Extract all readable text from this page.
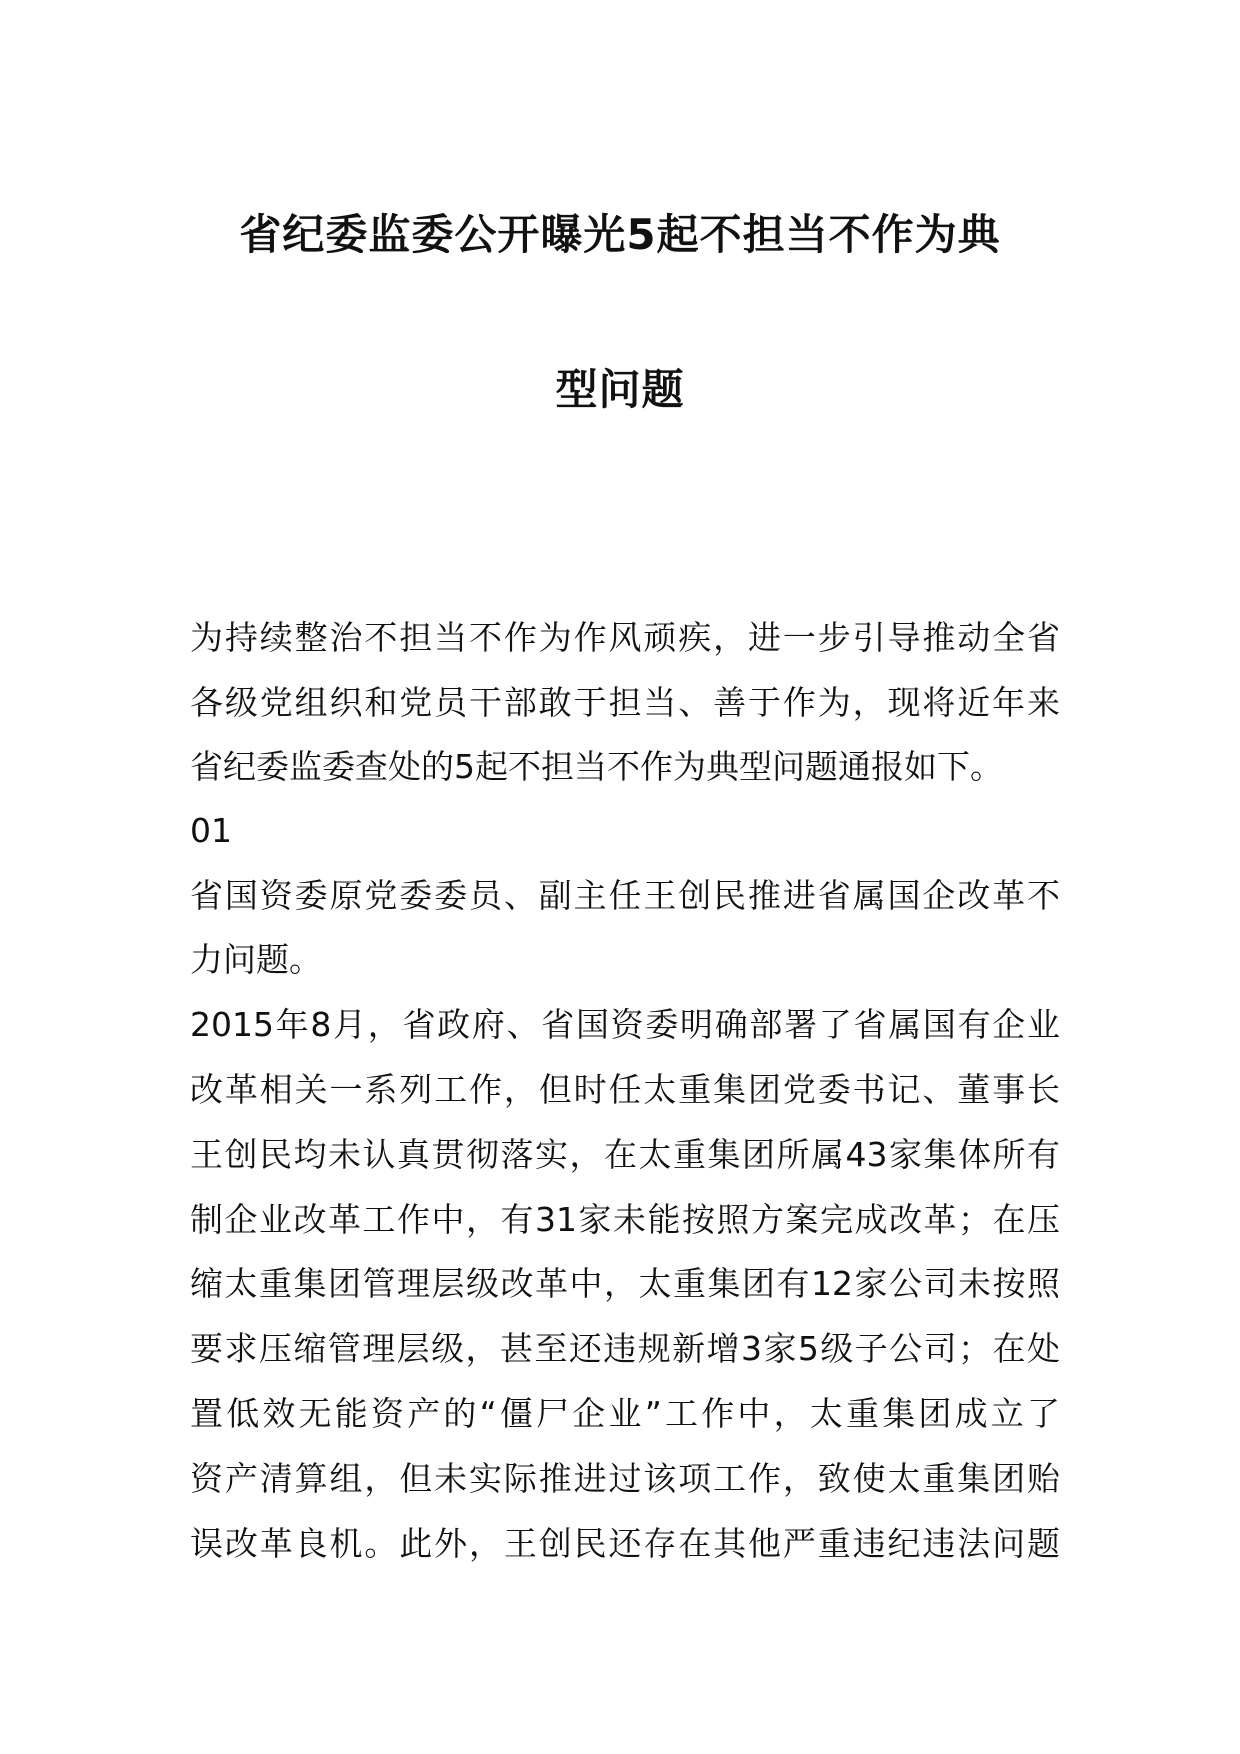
省纪委监委公开曝光5起不担当不作为典
型问题
为持续整治不担当不作为作风顽疾，进一步引导推动全省
各级党组织和党员干部敢于担当、善于作为，现将近年来
省纪委监委查处的5起不担当不作为典型问题通报如下。
01
省国资委原党委委员、副主任王创民推进省属国企改革不
力问题。
2015年8月，省政府、省国资委明确部署了省属国有企业
改革相关一系列工作，但时任太重集团党委书记、董事长
王创民均未认真贯彻落实，在太重集团所属43家集体所有
制企业改革工作中，有31家未能按照方案完成改革；在压
缩太重集团管理层级改革中，太重集团有12家公司未按照
要求压缩管理层级，甚至还违规新增3家5级子公司；在处
置低效无能资产的“僵尸企业”工作中，太重集团成立了
资产清算组，但未实际推进过该项工作，致使太重集团贻
误改革良机。此外，王创民还存在其他严重违纪违法问题
